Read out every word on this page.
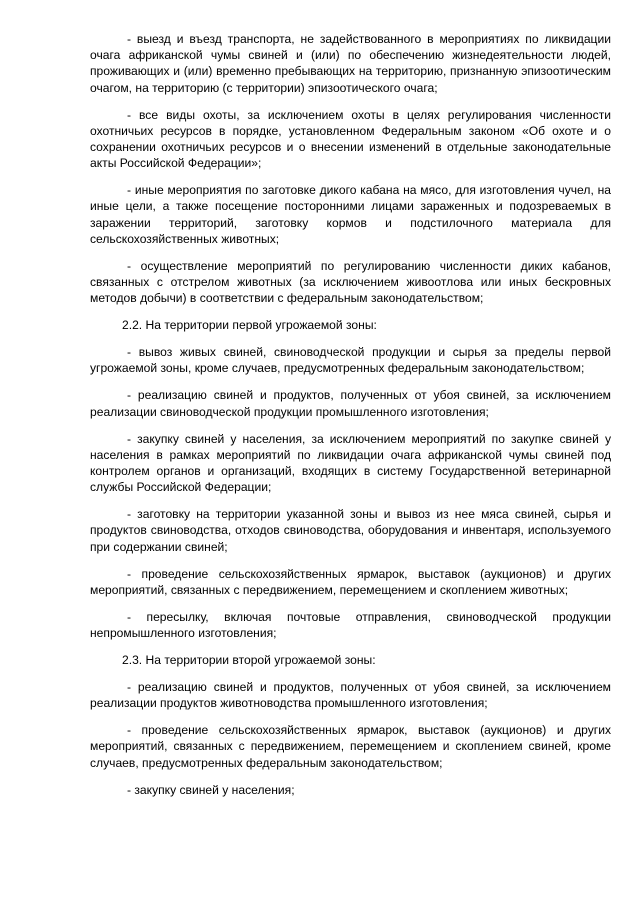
- выезд и въезд транспорта, не задействованного в мероприятиях по ликвидации очага африканской чумы свиней и (или) по обеспечению жизнедеятельности людей, проживающих и (или) временно пребывающих на территорию, признанную эпизоотическим очагом, на территорию (с территории) эпизоотического очага;

- все виды охоты, за исключением охоты в целях регулирования численности охотничьих ресурсов в порядке, установленном Федеральным законом «Об охоте и о сохранении охотничьих ресурсов и о внесении изменений в отдельные законодательные акты Российской Федерации»;

- иные мероприятия по заготовке дикого кабана на мясо, для изготовления чучел, на иные цели, а также посещение посторонними лицами зараженных и подозреваемых в заражении территорий, заготовку кормов и подстилочного материала для сельскохозяйственных животных;

- осуществление мероприятий по регулированию численности диких кабанов, связанных с отстрелом животных (за исключением живоотлова или иных бескровных методов добычи) в соответствии с федеральным законодательством;

2.2. На территории первой угрожаемой зоны:

- вывоз живых свиней, свиноводческой продукции и сырья за пределы первой угрожаемой зоны, кроме случаев, предусмотренных федеральным законодательством;

- реализацию свиней и продуктов, полученных от убоя свиней, за исключением реализации свиноводческой продукции промышленного изготовления;

- закупку свиней у населения, за исключением мероприятий по закупке свиней у населения в рамках мероприятий по ликвидации очага африканской чумы свиней под контролем органов и организаций, входящих в систему Государственной ветеринарной службы Российской Федерации;

- заготовку на территории указанной зоны и вывоз из нее мяса свиней, сырья и продуктов свиноводства, отходов свиноводства, оборудования и инвентаря, используемого при содержании свиней;

- проведение сельскохозяйственных ярмарок, выставок (аукционов) и других мероприятий, связанных с передвижением, перемещением и скоплением животных;

- пересылку, включая почтовые отправления, свиноводческой продукции непромышленного изготовления;

2.3. На территории второй угрожаемой зоны:

- реализацию свиней и продуктов, полученных от убоя свиней, за исключением реализации продуктов животноводства промышленного изготовления;

- проведение сельскохозяйственных ярмарок, выставок (аукционов) и других мероприятий, связанных с передвижением, перемещением и скоплением свиней, кроме случаев, предусмотренных федеральным законодательством;

- закупку свиней у населения;
